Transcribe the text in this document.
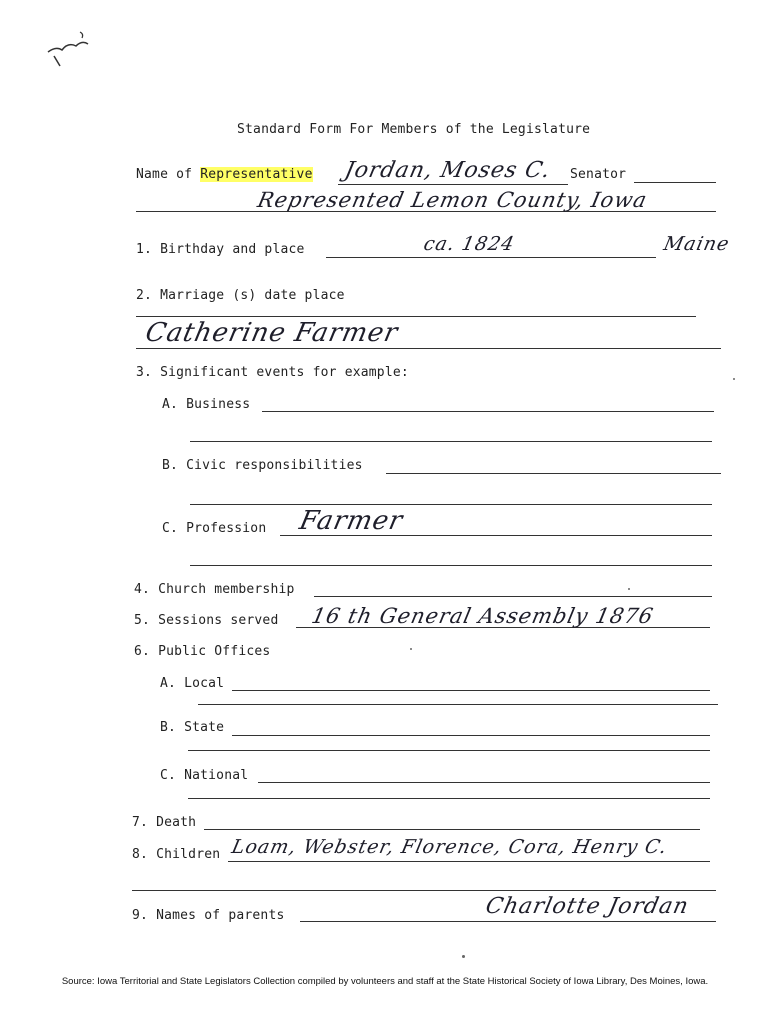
Standard Form For Members of the Legislature
Name of Representative Jordan, Moses C. Senator
Represented Lemon County, Iowa
1. Birthday and place	ca. 1824	Maine
2. Marriage (s) date place
Catherine Farmer
3. Significant events for example:
A. Business
B. Civic responsibilities
C. Profession Farmer
4. Church membership
5. Sessions served 16 th General Assembly 1876
6. Public Offices
A. Local
B. State
C. National
7. Death
8. Children Loam, Webster, Florence, Cora, Henry C.
9. Names of parents	Charlotte Jordan
Source: Iowa Territorial and State Legislators Collection compiled by volunteers and staff at the State Historical Society of Iowa Library, Des Moines, Iowa.
